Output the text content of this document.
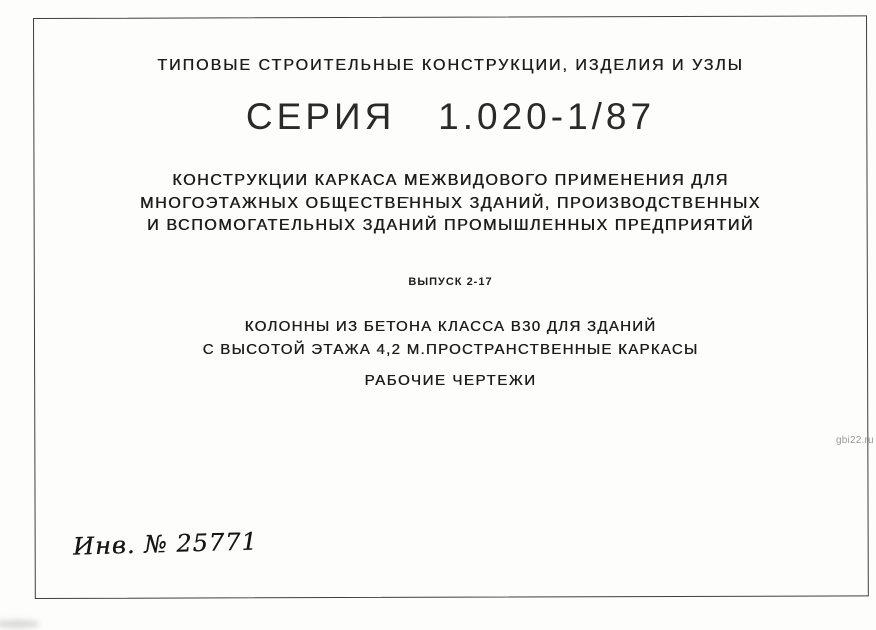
ТИПОВЫЕ СТРОИТЕЛЬНЫЕ КОНСТРУКЦИИ, ИЗДЕЛИЯ И УЗЛЫ
СЕРИЯ   1.020-1/87
КОНСТРУКЦИИ КАРКАСА МЕЖВИДОВОГО ПРИМЕНЕНИЯ ДЛЯ
МНОГОЭТАЖНЫХ ОБЩЕСТВЕ̇ННЫХ ЗДАНИЙ, ПРОИЗВОДСТВЕННЫХ
И ВСПОМОГАТЕЛЬНЫХ ЗДАНИЙ ПРОМЫШЛЕННЫХ ПРЕДПРИЯТИЙ
ВЫПУСК 2-17
КОЛОННЫ ИЗ БЕТОНА КЛАССА В30 ДЛЯ ЗДАНИЙ
С ВЫСОТОЙ ЭТАЖА 4,2 М.ПРОСТРАНСТВЕННЫЕ КАРКАСЫ
РАБОЧИЕ ЧЕРТЕЖИ
gbi22.ru
Инв. № 25771
